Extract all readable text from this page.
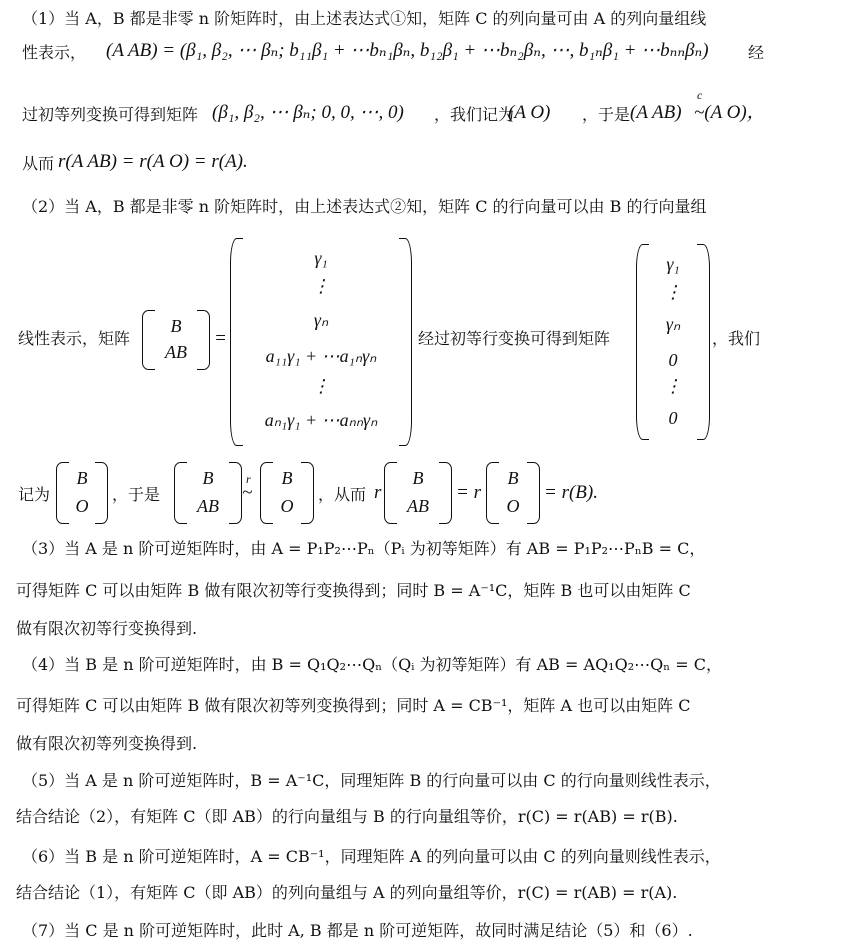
（1）当 A，B 都是非零 n 阶矩阵时，由上述表达式①知，矩阵 C 的列向量可由 A 的列向量组线
性表示， (A AB) = (β₁, β₂, ⋯ βₙ; b₁₁β₁ + ⋯bₙ₁βₙ, b₁₂β₁ + ⋯bₙ₂βₙ, ⋯, b₁ₙβ₁ + ⋯bₙₙβₙ) 经
过初等列变换可得到矩阵 (β₁, β₂, ⋯ βₙ; 0, 0, ⋯, 0) ，我们记为
(A O) ，于是 (A AB)
c
~(A O)，
从而 r(A AB) = r(A O) = r(A).
（2）当 A，B 都是非零 n 阶矩阵时，由上述表达式②知，矩阵 C 的行向量可以由 B 的行向量组
线性表示，矩阵
B
AB
=
γ₁
⋮
γₙ
a₁₁γ₁ + ⋯a₁ₙγₙ
⋮
aₙ₁γ₁ + ⋯aₙₙγₙ
经过初等行变换可得到矩阵
γ₁
⋮
γₙ
0
⋮
0
，我们
记为
B
O
，于是
B
AB
r
~
B
O
，从而 r
B
AB
= r
B
O
= r(B).
（3）当 A 是 n 阶可逆矩阵时，由 A = P₁P₂⋯Pₙ（Pᵢ 为初等矩阵）有 AB = P₁P₂⋯PₙB = C，
可得矩阵 C 可以由矩阵 B 做有限次初等行变换得到；同时 B = A⁻¹C，矩阵 B 也可以由矩阵 C
做有限次初等行变换得到.
（4）当 B 是 n 阶可逆矩阵时，由 B = Q₁Q₂⋯Qₙ（Qᵢ 为初等矩阵）有 AB = AQ₁Q₂⋯Qₙ = C，
可得矩阵 C 可以由矩阵 B 做有限次初等列变换得到；同时 A = CB⁻¹，矩阵 A 也可以由矩阵 C
做有限次初等列变换得到.
（5）当 A 是 n 阶可逆矩阵时，B = A⁻¹C，同理矩阵 B 的行向量可以由 C 的行向量则线性表示，
结合结论（2），有矩阵 C（即 AB）的行向量组与 B 的行向量组等价，r(C) = r(AB) = r(B).
（6）当 B 是 n 阶可逆矩阵时，A = CB⁻¹，同理矩阵 A 的列向量可以由 C 的列向量则线性表示，
结合结论（1），有矩阵 C（即 AB）的列向量组与 A 的列向量组等价，r(C) = r(AB) = r(A).
（7）当 C 是 n 阶可逆矩阵时，此时 A, B 都是 n 阶可逆矩阵，故同时满足结论（5）和（6）.
